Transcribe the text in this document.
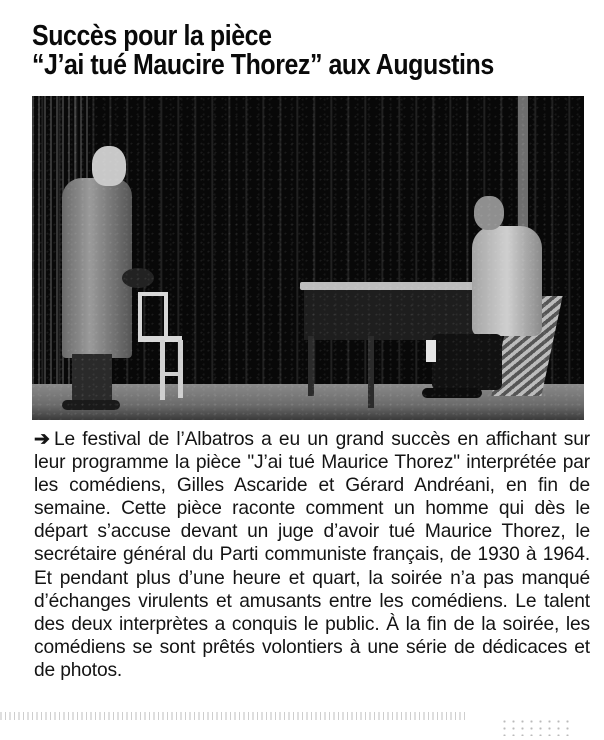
Succès pour la pièce
“J’ai tué Maucire Thorez” aux Augustins

➔ Le festival de l’Albatros a eu un grand succès en affichant sur leur programme la pièce "J’ai tué Maurice Thorez" interprétée par les comédiens, Gilles Ascaride et Gérard Andréani, en fin de semaine. Cette pièce raconte comment un homme qui dès le départ s’accuse devant un juge d’avoir tué Maurice Thorez, le secrétaire général du Parti communiste français, de 1930 à 1964. Et pendant plus d’une heure et quart, la soirée n’a pas manqué d’échanges virulents et amusants entre les comédiens. Le talent des deux interprètes a conquis le public. À la fin de la soirée, les comédiens se sont prêtés volontiers à une série de dédicaces et de photos.
